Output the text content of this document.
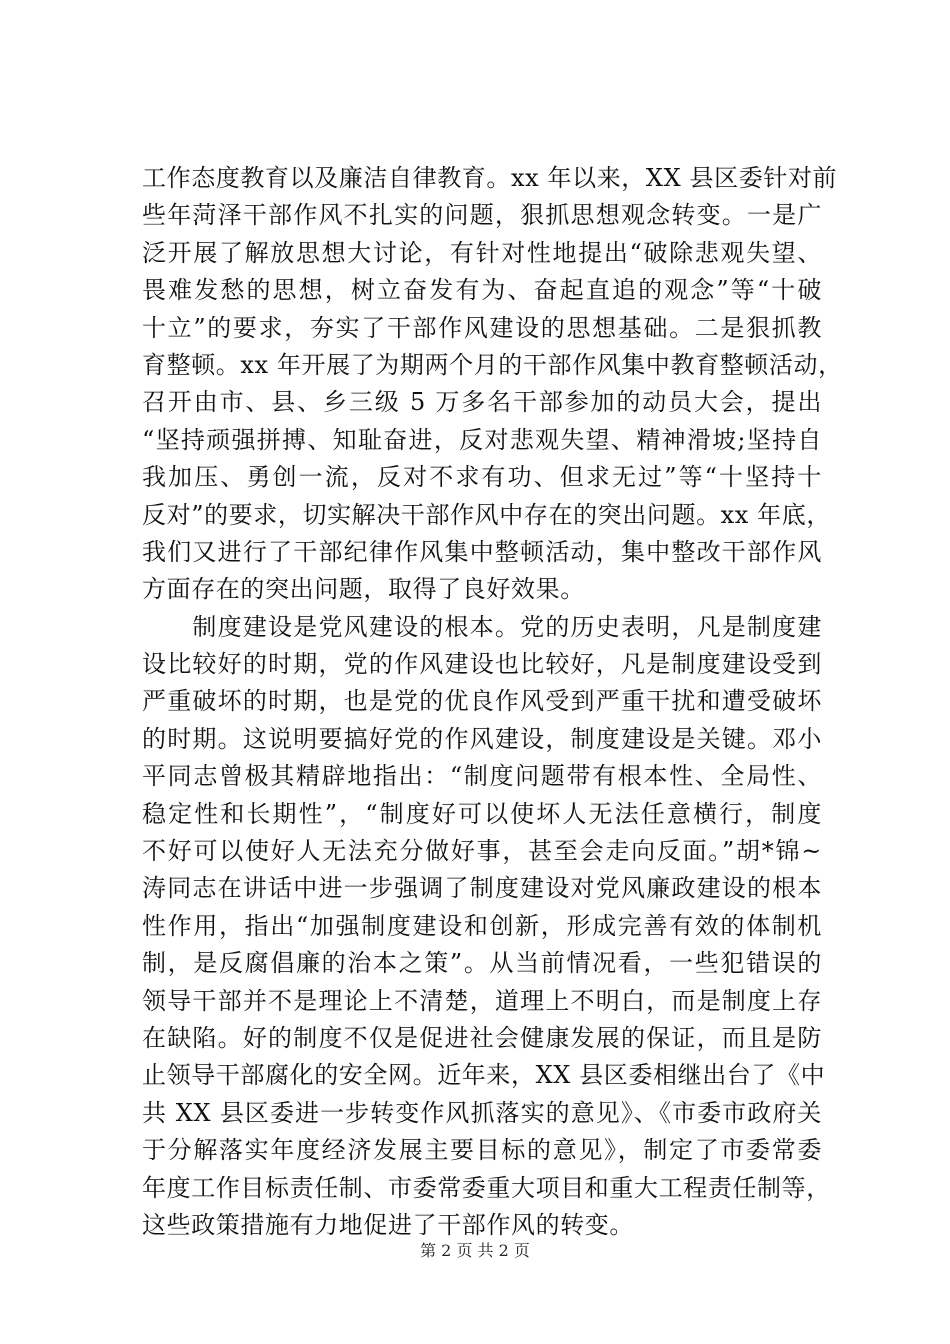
工作态度教育以及廉洁自律教育。xx 年以来，XX 县区委针对前
些年菏泽干部作风不扎实的问题，狠抓思想观念转变。一是广
泛开展了解放思想大讨论，有针对性地提出“破除悲观失望、
畏难发愁的思想，树立奋发有为、奋起直追的观念”等“十破
十立”的要求，夯实了干部作风建设的思想基础。二是狠抓教
育整顿。xx 年开展了为期两个月的干部作风集中教育整顿活动，
召开由市、县、乡三级 5 万多名干部参加的动员大会，提出
“坚持顽强拼搏、知耻奋进，反对悲观失望、精神滑坡;坚持自
我加压、勇创一流，反对不求有功、但求无过”等“十坚持十
反对”的要求，切实解决干部作风中存在的突出问题。xx 年底，
我们又进行了干部纪律作风集中整顿活动，集中整改干部作风
方面存在的突出问题，取得了良好效果。
　　制度建设是党风建设的根本。党的历史表明，凡是制度建
设比较好的时期，党的作风建设也比较好，凡是制度建设受到
严重破坏的时期，也是党的优良作风受到严重干扰和遭受破坏
的时期。这说明要搞好党的作风建设，制度建设是关键。邓小
平同志曾极其精辟地指出：“制度问题带有根本性、全局性、
稳定性和长期性”，“制度好可以使坏人无法任意横行，制度
不好可以使好人无法充分做好事，甚至会走向反面。”胡*锦~
涛同志在讲话中进一步强调了制度建设对党风廉政建设的根本
性作用，指出“加强制度建设和创新，形成完善有效的体制机
制，是反腐倡廉的治本之策”。从当前情况看，一些犯错误的
领导干部并不是理论上不清楚，道理上不明白，而是制度上存
在缺陷。好的制度不仅是促进社会健康发展的保证，而且是防
止领导干部腐化的安全网。近年来，XX 县区委相继出台了《中
共 XX 县区委进一步转变作风抓落实的意见》、《市委市政府关
于分解落实年度经济发展主要目标的意见》，制定了市委常委
年度工作目标责任制、市委常委重大项目和重大工程责任制等，
这些政策措施有力地促进了干部作风的转变。
第 2 页 共 2 页
